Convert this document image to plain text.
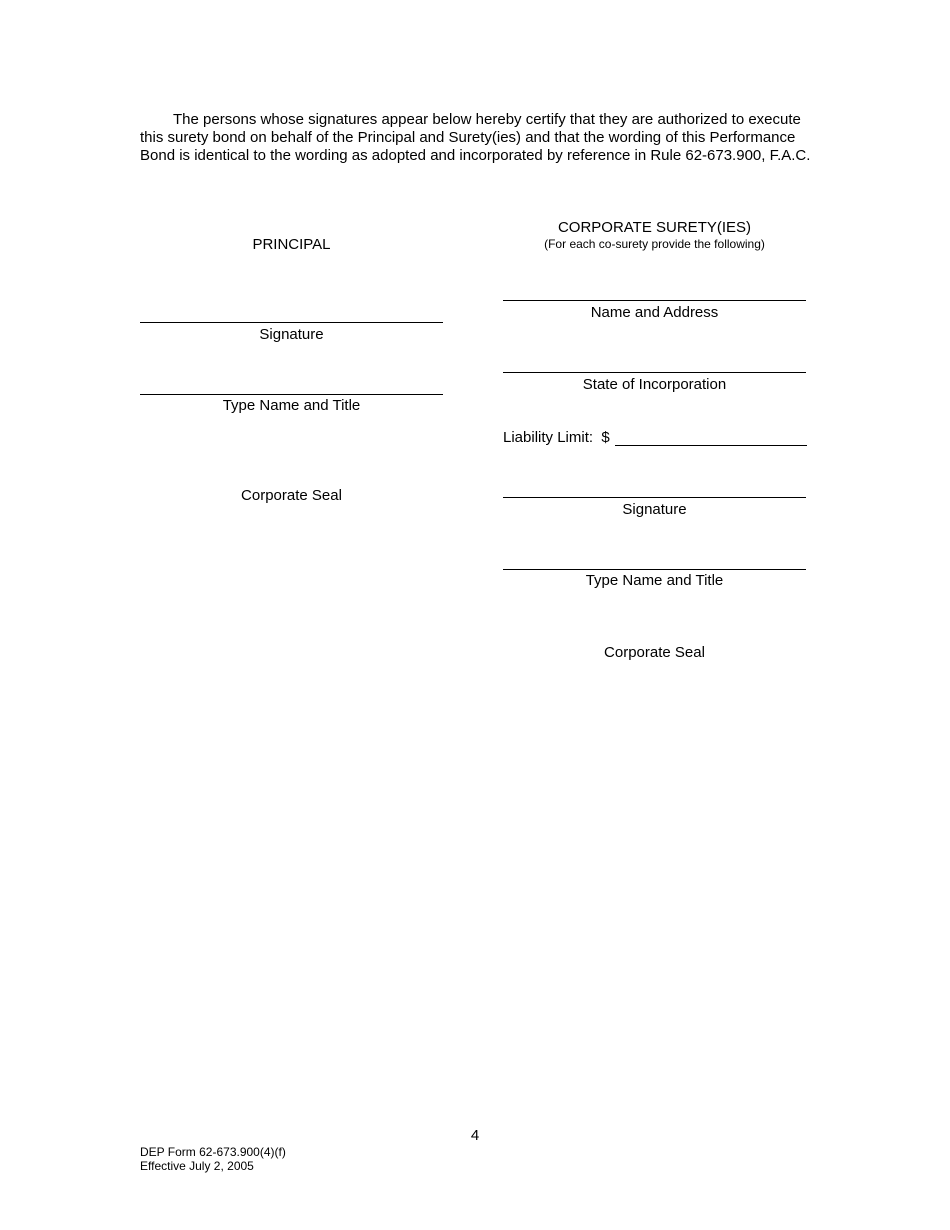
The persons whose signatures appear below hereby certify that they are authorized to execute this surety bond on behalf of the Principal and Surety(ies) and that the wording of this Performance Bond is identical to the wording as adopted and incorporated by reference in Rule 62-673.900, F.A.C.

PRINCIPAL
Signature
Type Name and Title
Corporate Seal
CORPORATE SURETY(IES)
(For each co-surety provide the following)
Name and Address
State of Incorporation
Liability Limit:  $
Signature
Type Name and Title
Corporate Seal
4
DEP Form 62-673.900(4)(f)
Effective July 2, 2005
